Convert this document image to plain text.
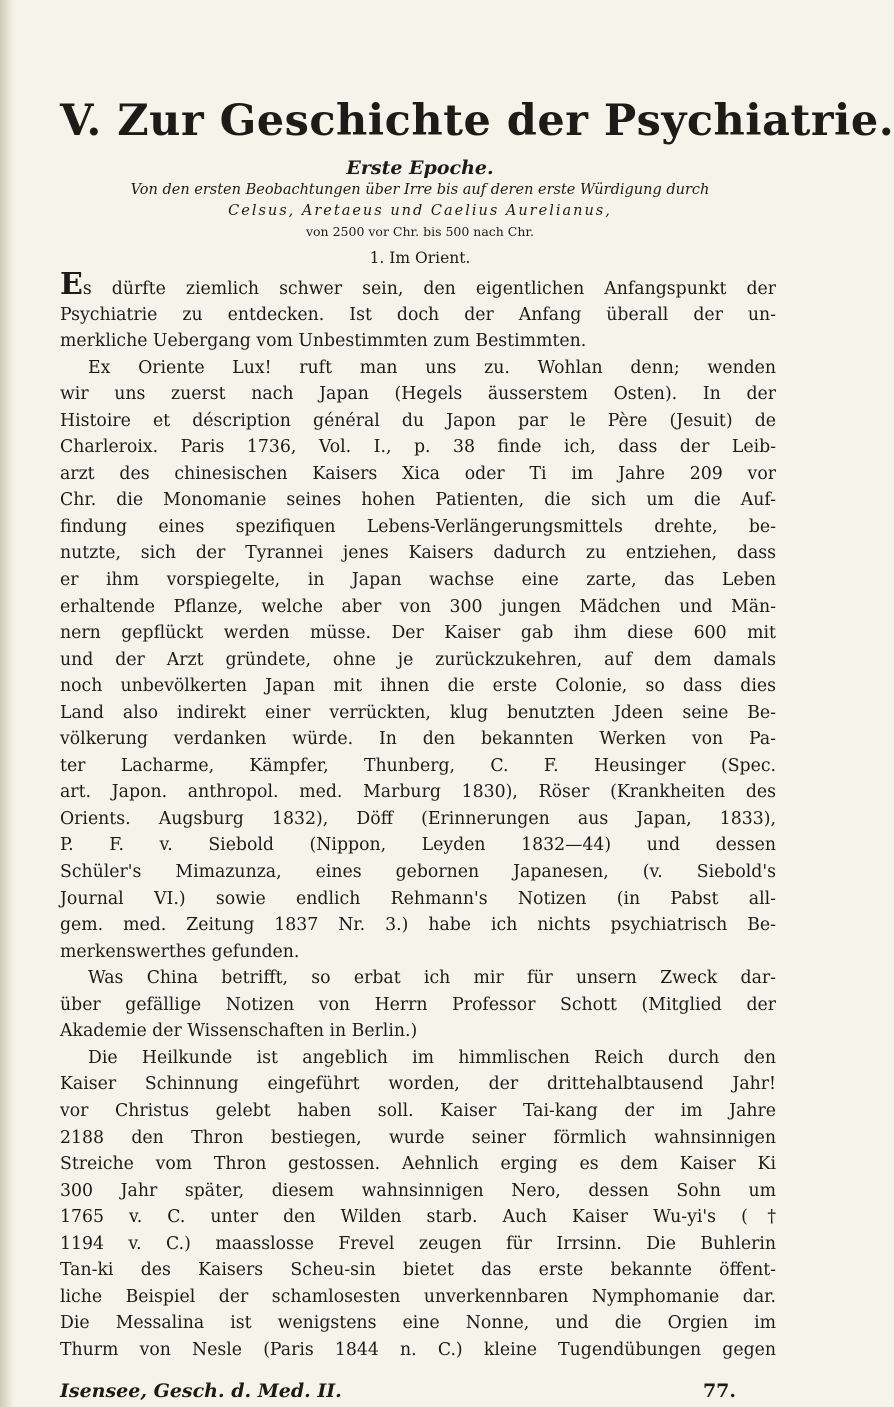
V. Zur Geschichte der Psychiatrie.
Erste Epoche.
Von den ersten Beobachtungen über Irre bis auf deren erste Würdigung durch
Celsus, Aretaeus und Caelius Aurelianus,
von 2500 vor Chr. bis 500 nach Chr.
1. Im Orient.
Es dürfte ziemlich schwer sein, den eigentlichen Anfangspunkt der
Psychiatrie zu entdecken. Ist doch der Anfang überall der un-
merkliche Uebergang vom Unbestimmten zum Bestimmten.
Ex Oriente Lux! ruft man uns zu. Wohlan denn; wenden
wir uns zuerst nach Japan (Hegels äusserstem Osten). In der
Histoire et déscription général du Japon par le Père (Jesuit) de
Charleroix. Paris 1736, Vol. I., p. 38 finde ich, dass der Leib-
arzt des chinesischen Kaisers Xica oder Ti im Jahre 209 vor
Chr. die Monomanie seines hohen Patienten, die sich um die Auf-
findung eines spezifiquen Lebens-Verlängerungsmittels drehte, be-
nutzte, sich der Tyrannei jenes Kaisers dadurch zu entziehen, dass
er ihm vorspiegelte, in Japan wachse eine zarte, das Leben
erhaltende Pflanze, welche aber von 300 jungen Mädchen und Män-
nern gepflückt werden müsse. Der Kaiser gab ihm diese 600 mit
und der Arzt gründete, ohne je zurückzukehren, auf dem damals
noch unbevölkerten Japan mit ihnen die erste Colonie, so dass dies
Land also indirekt einer verrückten, klug benutzten Jdeen seine Be-
völkerung verdanken würde. In den bekannten Werken von Pa-
ter Lacharme, Kämpfer, Thunberg, C. F. Heusinger (Spec.
art. Japon. anthropol. med. Marburg 1830), Röser (Krankheiten des
Orients. Augsburg 1832), Döff (Erinnerungen aus Japan, 1833),
P. F. v. Siebold (Nippon, Leyden 1832—44) und dessen
Schüler's Mimazunza, eines gebornen Japanesen, (v. Siebold's
Journal VI.) sowie endlich Rehmann's Notizen (in Pabst all-
gem. med. Zeitung 1837 Nr. 3.) habe ich nichts psychiatrisch Be-
merkenswerthes gefunden.
Was China betrifft, so erbat ich mir für unsern Zweck dar-
über gefällige Notizen von Herrn Professor Schott (Mitglied der
Akademie der Wissenschaften in Berlin.)
Die Heilkunde ist angeblich im himmlischen Reich durch den
Kaiser Schinnung eingeführt worden, der drittehalbtausend Jahr!
vor Christus gelebt haben soll. Kaiser Tai-kang der im Jahre
2188 den Thron bestiegen, wurde seiner förmlich wahnsinnigen
Streiche vom Thron gestossen. Aehnlich erging es dem Kaiser Ki
300 Jahr später, diesem wahnsinnigen Nero, dessen Sohn um
1765 v. C. unter den Wilden starb. Auch Kaiser Wu-yi's (†
1194 v. C.) maasslosse Frevel zeugen für Irrsinn. Die Buhlerin
Tan-ki des Kaisers Scheu-sin bietet das erste bekannte öffent-
liche Beispiel der schamlosesten unverkennbaren Nymphomanie dar.
Die Messalina ist wenigstens eine Nonne, und die Orgien im
Thurm von Nesle (Paris 1844 n. C.) kleine Tugendübungen gegen
Isensee, Gesch. d. Med. II.	77.
